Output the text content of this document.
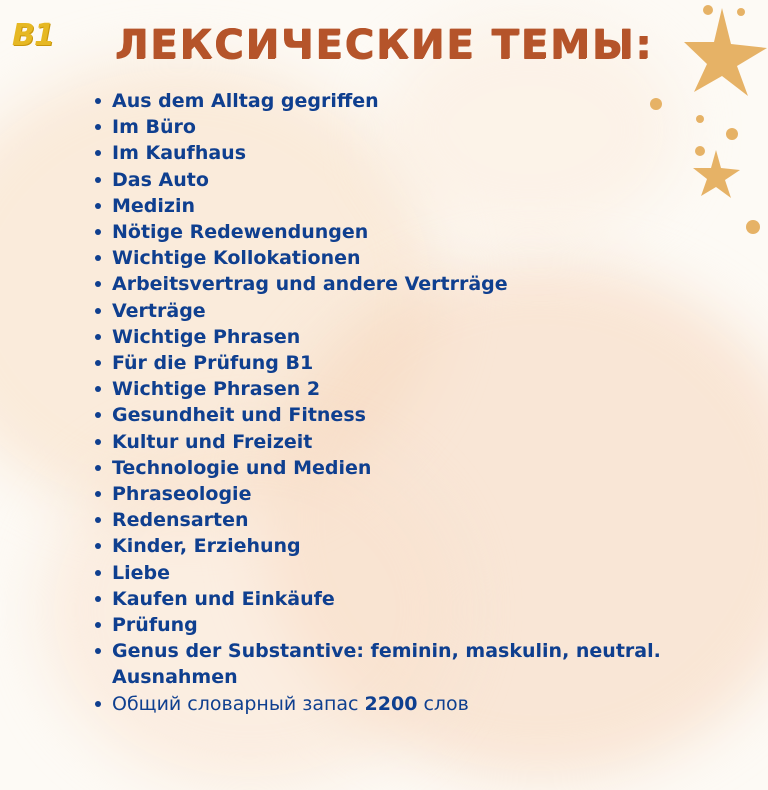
B1	ЛЕКСИЧЕСКИЕ ТЕМЫ:
Aus dem Alltag gegriffen
Im Büro
Im Kaufhaus
Das Auto
Medizin
Nötige Redewendungen
Wichtige Kollokationen
Arbeitsvertrag und andere Vertrräge
Verträge
Wichtige Phrasen
Für die Prüfung B1
Wichtige Phrasen 2
Gesundheit und Fitness
Kultur und Freizeit
Technologie und Medien
Phraseologie
Redensarten
Kinder, Erziehung
Liebe
Kaufen und Einkäufe
Prüfung
Genus der Substantive: feminin, maskulin, neutral. Ausnahmen
Общий словарный запас 2200 слов
